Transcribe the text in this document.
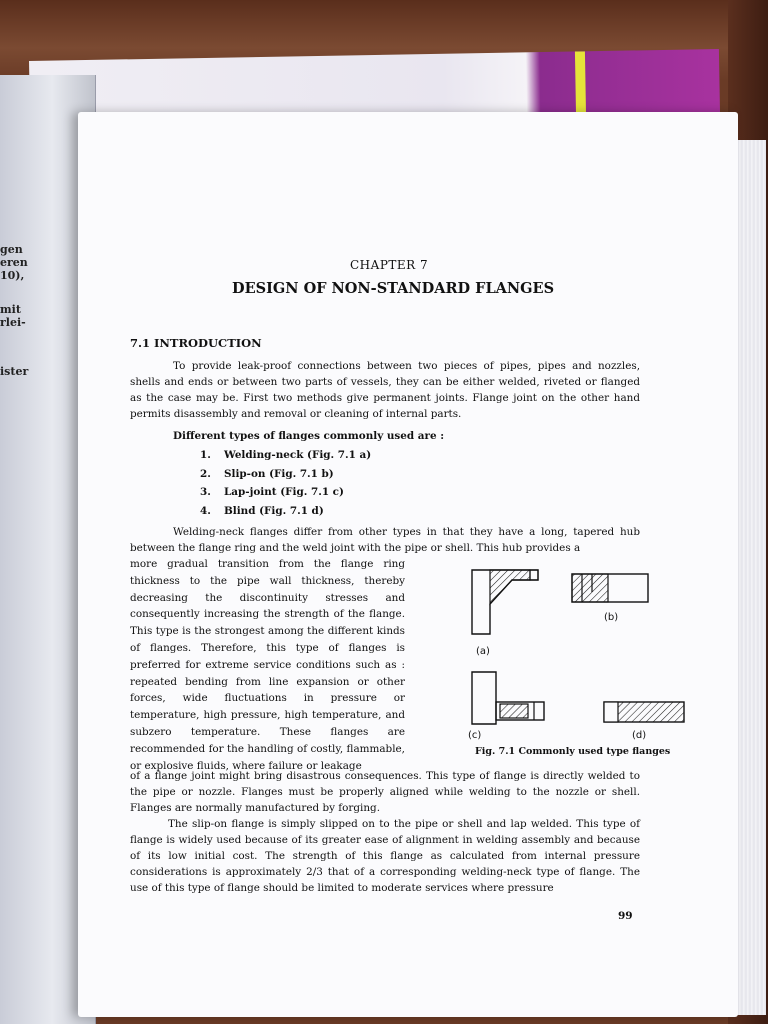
gen
eren
10),
mit
rlei-
ister
CHAPTER 7
DESIGN OF NON-STANDARD FLANGES
7.1 INTRODUCTION
To provide leak-proof connections between two pieces of pipes, pipes and nozzles, shells and ends or between two parts of vessels, they can be either welded, riveted or flanged as the case may be. First two methods give permanent joints. Flange joint on the other hand permits disassembly and removal or cleaning of internal parts.
Different types of flanges commonly used are :
1. Welding-neck (Fig. 7.1 a)
2. Slip-on (Fig. 7.1 b)
3. Lap-joint (Fig. 7.1 c)
4. Blind (Fig. 7.1 d)
Welding-neck flanges differ from other types in that they have a long, tapered hub between the flange ring and the weld joint with the pipe or shell. This hub provides a
more gradual transition from the flange ring thickness to the pipe wall thickness, thereby decreasing the discontinuity stresses and consequently increasing the strength of the flange. This type is the strongest among the different kinds of flanges. Therefore, this type of flanges is preferred for extreme service conditions such as : repeated bending from line expansion or other forces, wide fluctuations in pressure or temperature, high pressure, high temperature, and subzero temperature. These flanges are recommended for the handling of costly, flammable, or explosive fluids, where failure or leakage
(a)
(b)
(c)	(d)
Fig. 7.1 Commonly used type flanges
of a flange joint might bring disastrous consequences. This type of flange is directly welded to the pipe or nozzle. Flanges must be properly aligned while welding to the nozzle or shell. Flanges are normally manufactured by forging.
The slip-on flange is simply slipped on to the pipe or shell and lap welded. This type of flange is widely used because of its greater ease of alignment in welding assembly and because of its low initial cost. The strength of this flange as calculated from internal pressure considerations is approximately 2/3 that of a corresponding welding-neck type of flange. The use of this type of flange should be limited to moderate services where pressure
99
